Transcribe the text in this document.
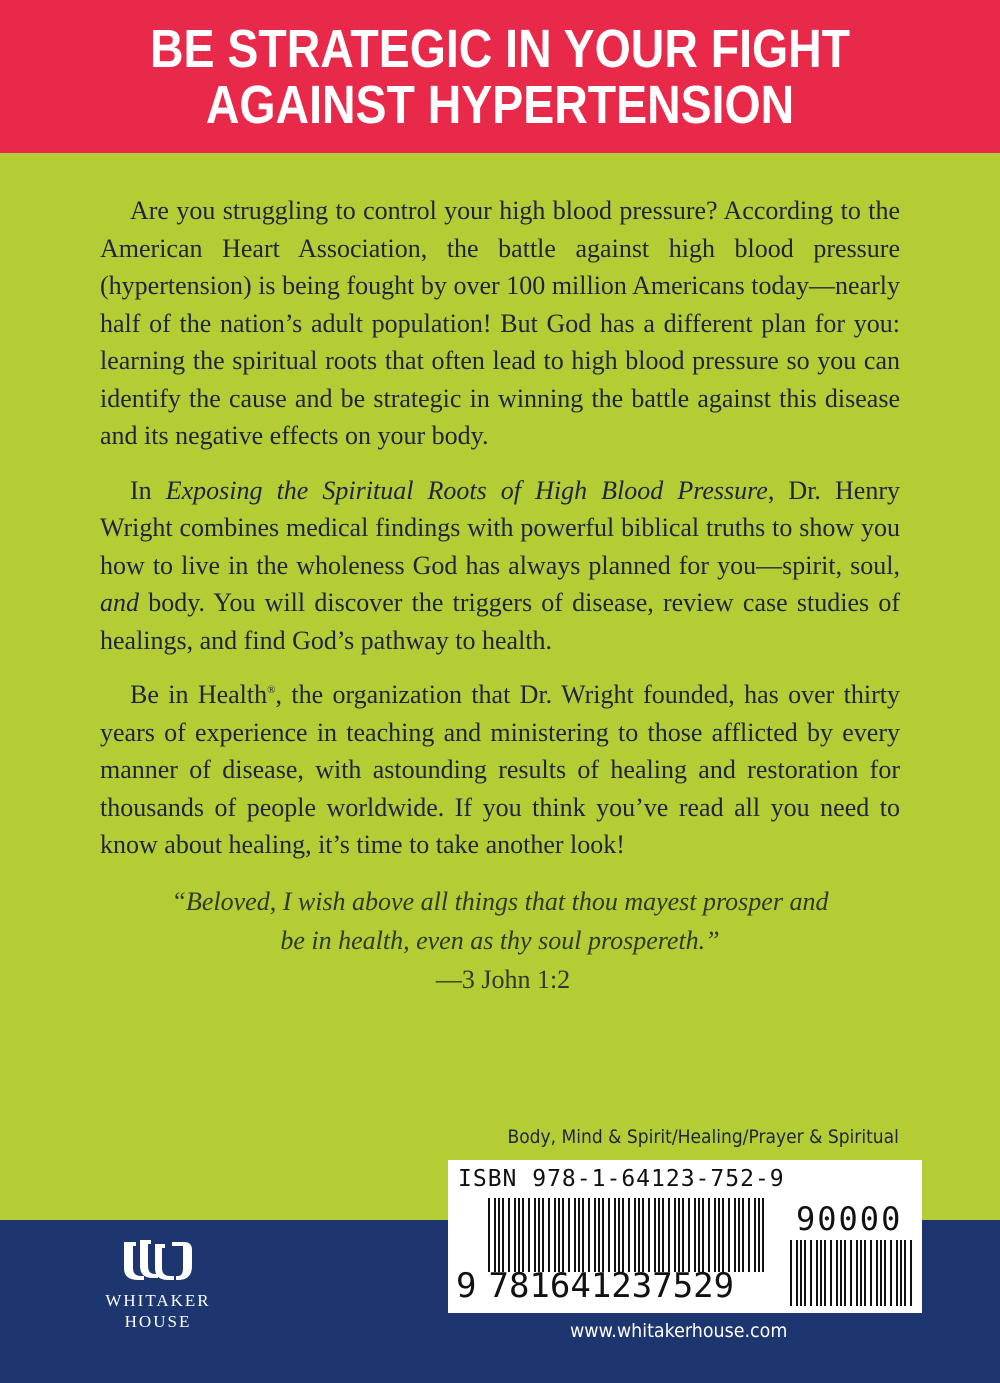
BE STRATEGIC IN YOUR FIGHT
AGAINST HYPERTENSION

Are you struggling to control your high blood pressure? According to the American Heart Association, the battle against high blood pressure (hypertension) is being fought by over 100 million Americans today—nearly half of the nation’s adult population! But God has a different plan for you: learning the spiritual roots that often lead to high blood pressure so you can identify the cause and be strategic in winning the battle against this disease and its negative effects on your body.

In Exposing the Spiritual Roots of High Blood Pressure, Dr. Henry Wright combines medical findings with powerful biblical truths to show you how to live in the wholeness God has always planned for you—spirit, soul, and body. You will discover the triggers of disease, review case studies of healings, and find God’s pathway to health.

Be in Health®, the organization that Dr. Wright founded, has over thirty years of experience in teaching and ministering to those afflicted by every manner of disease, with astounding results of healing and restoration for thousands of people worldwide. If you think you’ve read all you need to know about healing, it’s time to take another look!

“Beloved, I wish above all things that thou mayest prosper and
be in health, even as thy soul prospereth.”
—3 John 1:2
Body, Mind & Spirit/Healing/Prayer & Spiritual
WHITAKER
HOUSE	www.whitakerhouse.com
ISBN 978-1-64123-752-9
90000
9 781641237529
